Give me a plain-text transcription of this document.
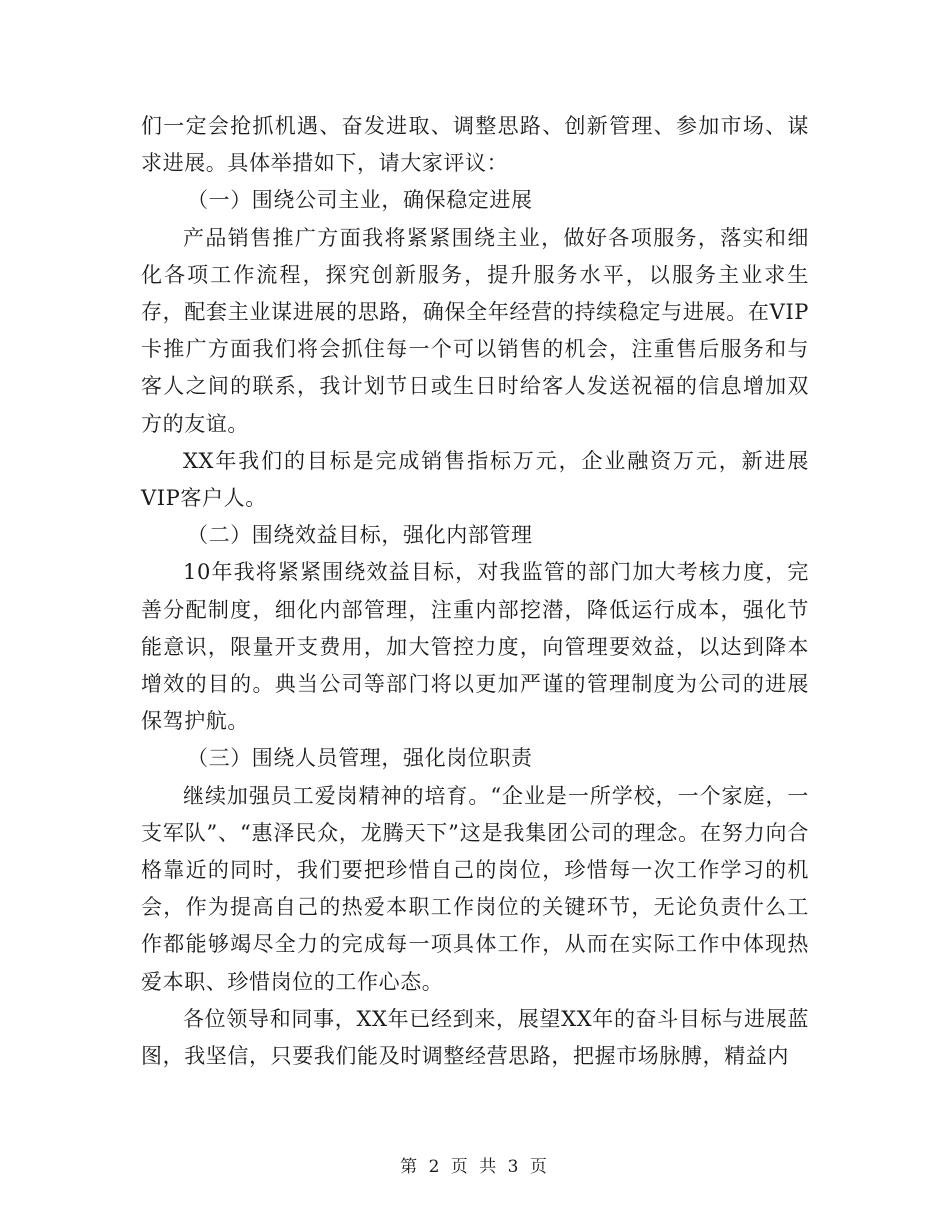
们一定会抢抓机遇、奋发进取、调整思路、创新管理、参加市场、谋求进展。具体举措如下，请大家评议：

（一）围绕公司主业，确保稳定进展

产品销售推广方面我将紧紧围绕主业，做好各项服务，落实和细化各项工作流程，探究创新服务，提升服务水平，以服务主业求生存，配套主业谋进展的思路，确保全年经营的持续稳定与进展。在VIP卡推广方面我们将会抓住每一个可以销售的机会，注重售后服务和与客人之间的联系，我计划节日或生日时给客人发送祝福的信息增加双方的友谊。

XX年我们的目标是完成销售指标万元，企业融资万元，新进展VIP客户人。

（二）围绕效益目标，强化内部管理

10年我将紧紧围绕效益目标，对我监管的部门加大考核力度，完善分配制度，细化内部管理，注重内部挖潜，降低运行成本，强化节能意识，限量开支费用，加大管控力度，向管理要效益，以达到降本增效的目的。典当公司等部门将以更加严谨的管理制度为公司的进展保驾护航。

（三）围绕人员管理，强化岗位职责

继续加强员工爱岗精神的培育。“企业是一所学校，一个家庭，一支军队”、“惠泽民众，龙腾天下”这是我集团公司的理念。在努力向合格靠近的同时，我们要把珍惜自己的岗位，珍惜每一次工作学习的机会，作为提高自己的热爱本职工作岗位的关键环节，无论负责什么工作都能够竭尽全力的完成每一项具体工作，从而在实际工作中体现热爱本职、珍惜岗位的工作心态。

各位领导和同事，XX年已经到来，展望XX年的奋斗目标与进展蓝图，我坚信，只要我们能及时调整经营思路，把握市场脉膊，精益内

第 2 页 共 3 页
